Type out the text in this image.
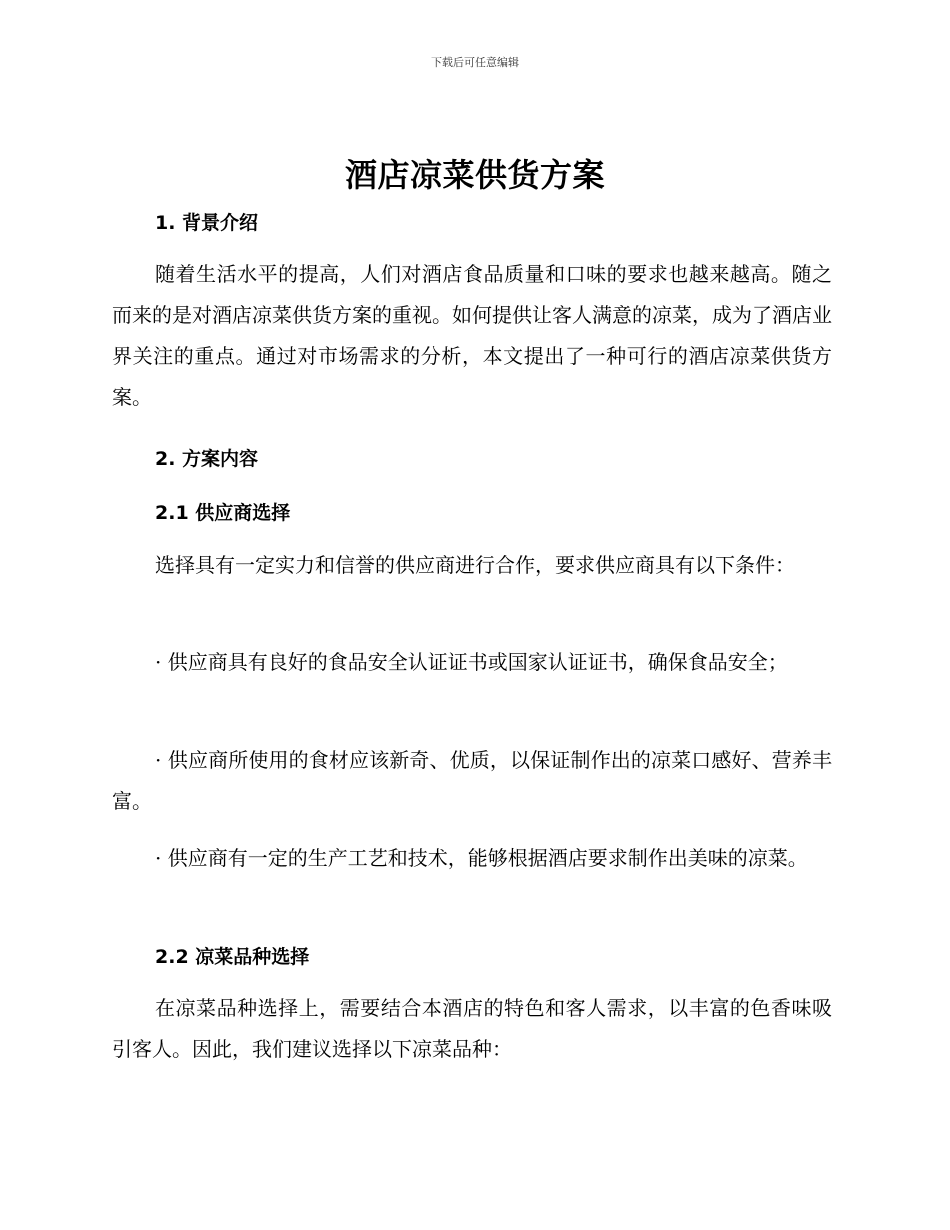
下载后可任意编辑
酒店凉菜供货方案
1. 背景介绍
随着生活水平的提高，人们对酒店食品质量和口味的要求也越来越高。随之而来的是对酒店凉菜供货方案的重视。如何提供让客人满意的凉菜，成为了酒店业界关注的重点。通过对市场需求的分析，本文提出了一种可行的酒店凉菜供货方案。
2. 方案内容
2.1 供应商选择
选择具有一定实力和信誉的供应商进行合作，要求供应商具有以下条件：
· 供应商具有良好的食品安全认证证书或国家认证证书，确保食品安全；
· 供应商所使用的食材应该新奇、优质，以保证制作出的凉菜口感好、营养丰富。
· 供应商有一定的生产工艺和技术，能够根据酒店要求制作出美味的凉菜。
2.2 凉菜品种选择
在凉菜品种选择上，需要结合本酒店的特色和客人需求，以丰富的色香味吸引客人。因此，我们建议选择以下凉菜品种：
